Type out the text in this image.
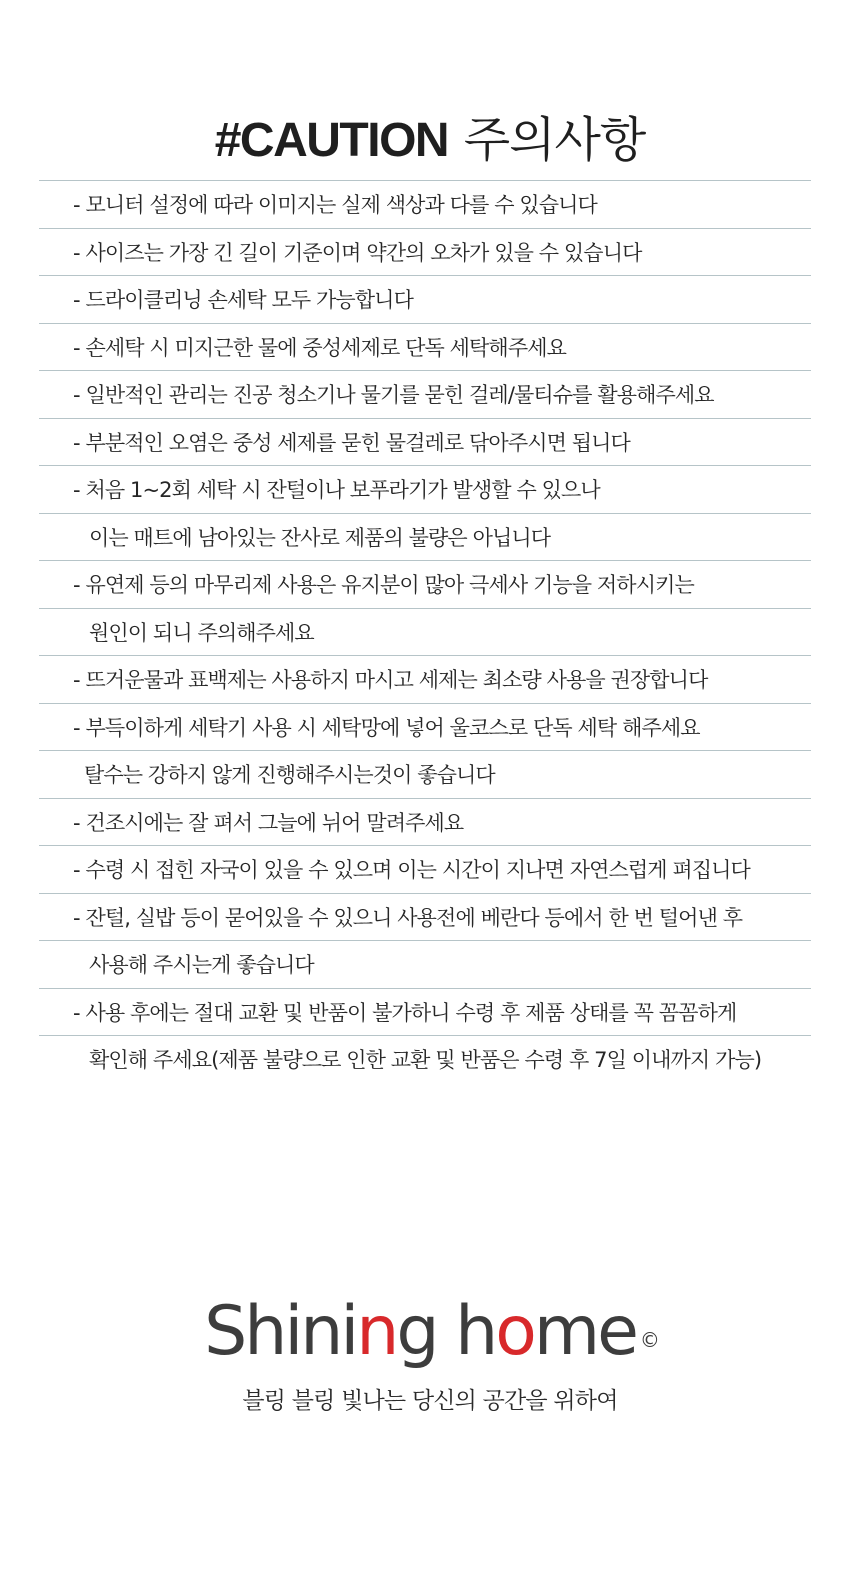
#CAUTION 주의사항
- 모니터 설정에 따라 이미지는 실제 색상과 다를 수 있습니다
- 사이즈는 가장 긴 길이 기준이며 약간의 오차가 있을 수 있습니다
- 드라이클리닝 손세탁 모두 가능합니다
- 손세탁 시 미지근한 물에 중성세제로 단독 세탁해주세요
- 일반적인 관리는 진공 청소기나 물기를 묻힌 걸레/물티슈를 활용해주세요
- 부분적인 오염은 중성 세제를 묻힌 물걸레로 닦아주시면 됩니다
- 처음 1~2회 세탁 시 잔털이나 보푸라기가 발생할 수 있으나
이는 매트에 남아있는 잔사로 제품의 불량은 아닙니다
- 유연제 등의 마무리제 사용은 유지분이 많아 극세사 기능을 저하시키는
원인이 되니 주의해주세요
- 뜨거운물과 표백제는 사용하지 마시고 세제는 최소량 사용을 권장합니다
- 부득이하게 세탁기 사용 시 세탁망에 넣어 울코스로 단독 세탁 해주세요
탈수는 강하지 않게 진행해주시는것이 좋습니다
- 건조시에는 잘 펴서 그늘에 뉘어 말려주세요
- 수령 시 접힌 자국이 있을 수 있으며 이는 시간이 지나면 자연스럽게 펴집니다
- 잔털, 실밥 등이 묻어있을 수 있으니 사용전에 베란다 등에서 한 번 털어낸 후
사용해 주시는게 좋습니다
- 사용 후에는 절대 교환 및 반품이 불가하니 수령 후 제품 상태를 꼭 꼼꼼하게
확인해 주세요(제품 불량으로 인한 교환 및 반품은 수령 후 7일 이내까지 가능)
Shining home ©
블링 블링 빛나는 당신의 공간을 위하여
